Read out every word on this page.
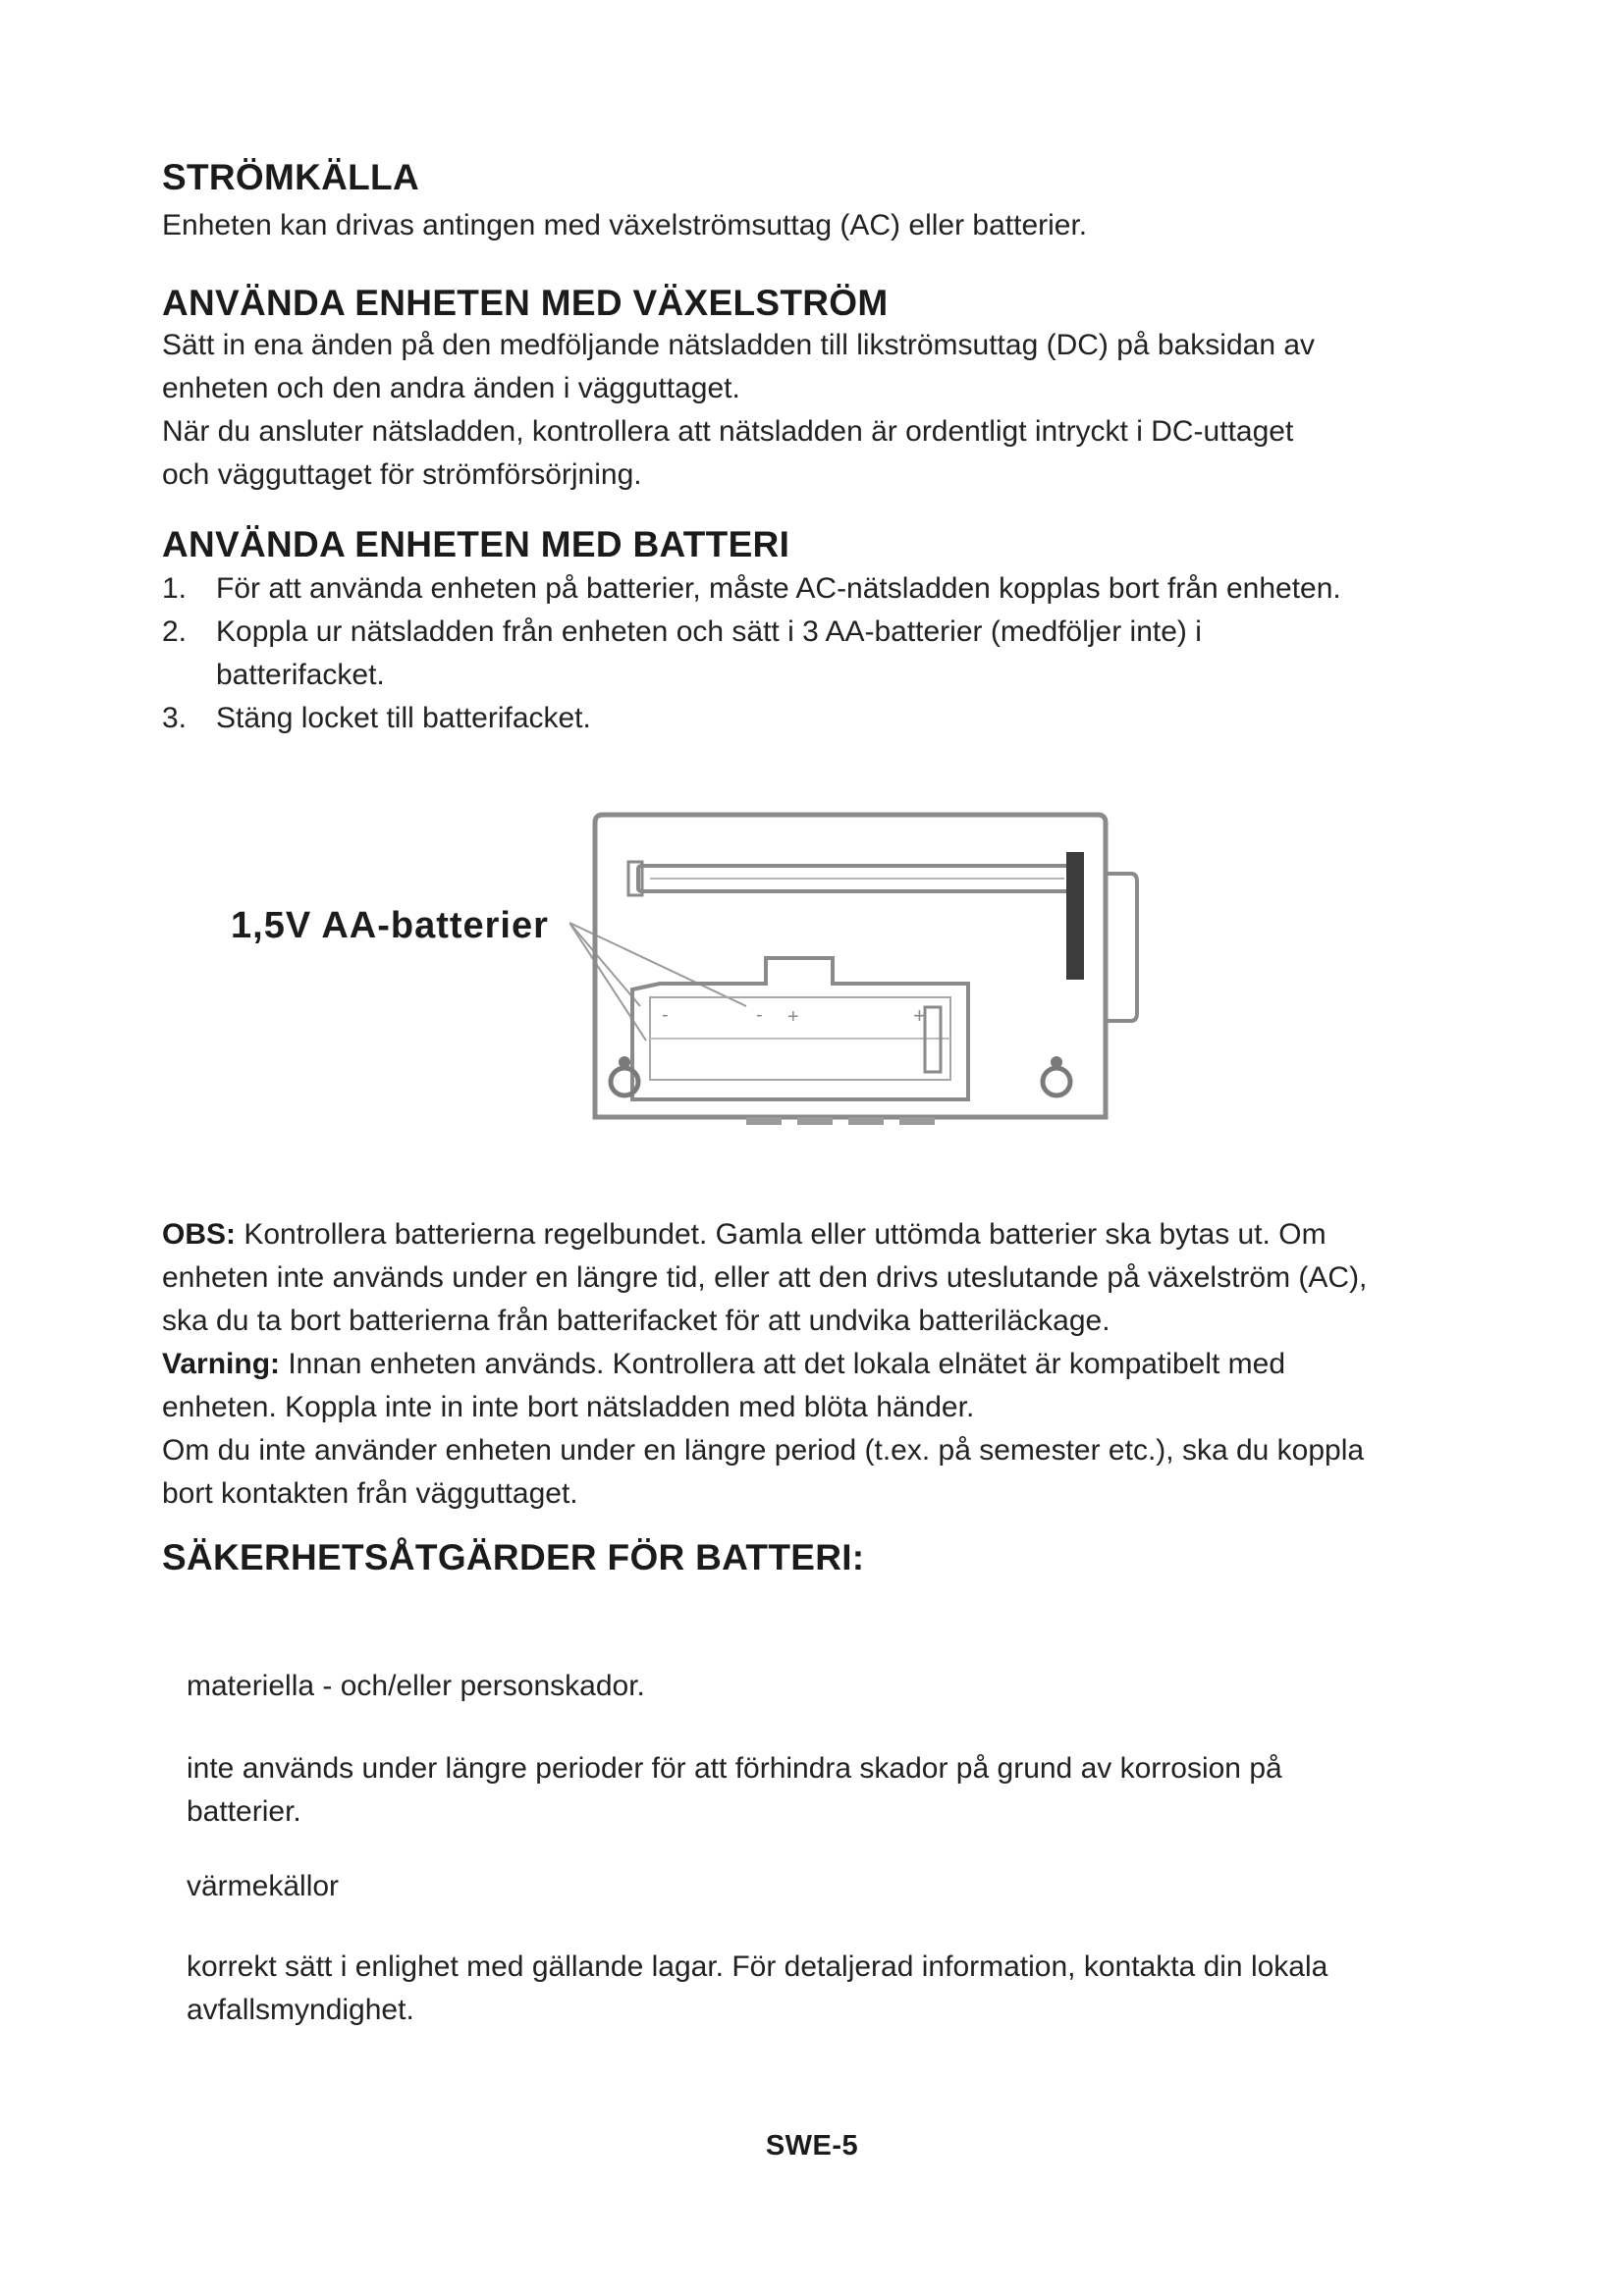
STRÖMKÄLLA

Enheten kan drivas antingen med växelströmsuttag (AC) eller batterier.

ANVÄNDA ENHETEN MED VÄXELSTRÖM

Sätt in ena änden på den medföljande nätsladden till likströmsuttag (DC) på baksidan av
enheten och den andra änden i vägguttaget.
När du ansluter nätsladden, kontrollera att nätsladden är ordentligt intryckt i DC-uttaget
och vägguttaget för strömförsörjning.

ANVÄNDA ENHETEN MED BATTERI
1. För att använda enheten på batterier, måste AC-nätsladden kopplas bort från enheten.
2. Koppla ur nätsladden från enheten och sätt i 3 AA-batterier (medföljer inte) i
batterifacket.
3. Stäng locket till batterifacket.
1,5V AA-batterier
-	- +	+

OBS: Kontrollera batterierna regelbundet. Gamla eller uttömda batterier ska bytas ut. Om
enheten inte används under en längre tid, eller att den drivs uteslutande på växelström (AC),
ska du ta bort batterierna från batterifacket för att undvika batteriläckage.
Varning: Innan enheten används. Kontrollera att det lokala elnätet är kompatibelt med
enheten. Koppla inte in inte bort nätsladden med blöta händer.
Om du inte använder enheten under en längre period (t.ex. på semester etc.), ska du koppla
bort kontakten från vägguttaget.

SÄKERHETSÅTGÄRDER FÖR BATTERI:

materiella - och/eller personskador.

inte används under längre perioder för att förhindra skador på grund av korrosion på
batterier.

värmekällor

korrekt sätt i enlighet med gällande lagar. För detaljerad information, kontakta din lokala
avfallsmyndighet.

SWE-5
